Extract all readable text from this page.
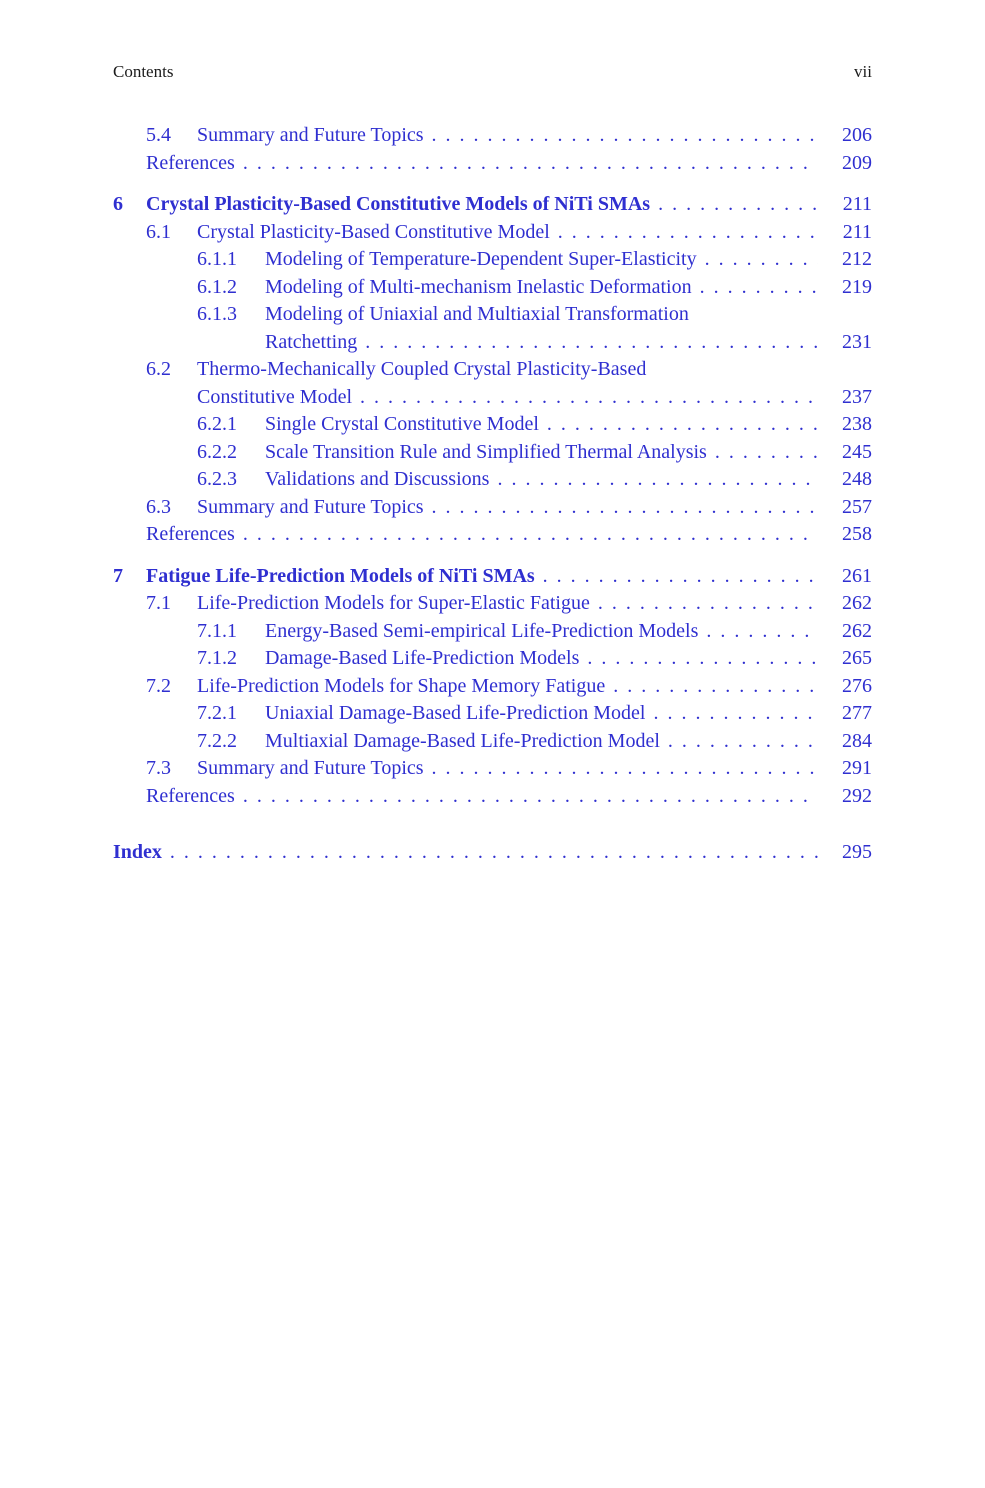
Contents	vii
5.4	Summary and Future Topics . . .	206
References . . .	209
6	Crystal Plasticity-Based Constitutive Models of NiTi SMAs . . .	211
6.1	Crystal Plasticity-Based Constitutive Model . . .	211
6.1.1	Modeling of Temperature-Dependent Super-Elasticity . . .	212
6.1.2	Modeling of Multi-mechanism Inelastic Deformation . . .	219
6.1.3	Modeling of Uniaxial and Multiaxial Transformation
Ratchetting . . .	231
6.2	Thermo-Mechanically Coupled Crystal Plasticity-Based
Constitutive Model . . .	237
6.2.1	Single Crystal Constitutive Model . . .	238
6.2.2	Scale Transition Rule and Simplified Thermal Analysis . . .	245
6.2.3	Validations and Discussions . . .	248
6.3	Summary and Future Topics . . .	257
References . . .	258
7	Fatigue Life-Prediction Models of NiTi SMAs . . .	261
7.1	Life-Prediction Models for Super-Elastic Fatigue . . .	262
7.1.1	Energy-Based Semi-empirical Life-Prediction Models . . .	262
7.1.2	Damage-Based Life-Prediction Models . . .	265
7.2	Life-Prediction Models for Shape Memory Fatigue . . .	276
7.2.1	Uniaxial Damage-Based Life-Prediction Model . . .	277
7.2.2	Multiaxial Damage-Based Life-Prediction Model . . .	284
7.3	Summary and Future Topics . . .	291
References . . .	292
Index . . .	295
